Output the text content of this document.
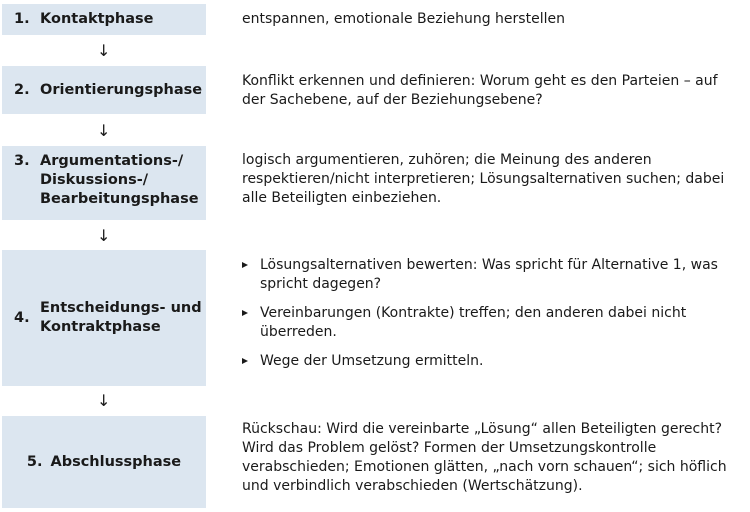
1. Kontaktphase	entspannen, emotionale Beziehung herstellen
↓
2. Orientierungsphase
Konflikt erkennen und definieren: Worum geht es den Parteien – auf der Sachebene, auf der Beziehungsebene?
↓
3. Argumentations-/ Diskussions-/ Bearbeitungsphase
logisch argumentieren, zuhören; die Meinung des anderen respektieren/nicht interpretieren; Lösungsalternativen suchen; dabei alle Beteiligten einbeziehen.
↓
4.
Entscheidungs- und Kontraktphase
Lösungsalternativen bewerten: Was spricht für Alternative 1, was spricht dagegen?
Vereinbarungen (Kontrakte) treffen; den anderen dabei nicht überreden.
Wege der Umsetzung ermitteln.
↓
5. Abschlussphase
Rückschau: Wird die vereinbarte „Lösung“ allen Beteiligten gerecht? Wird das Problem gelöst? Formen der Umsetzungskontrolle verabschieden; Emotionen glätten, „nach vorn schauen“; sich höflich und verbindlich verabschieden (Wertschätzung).
